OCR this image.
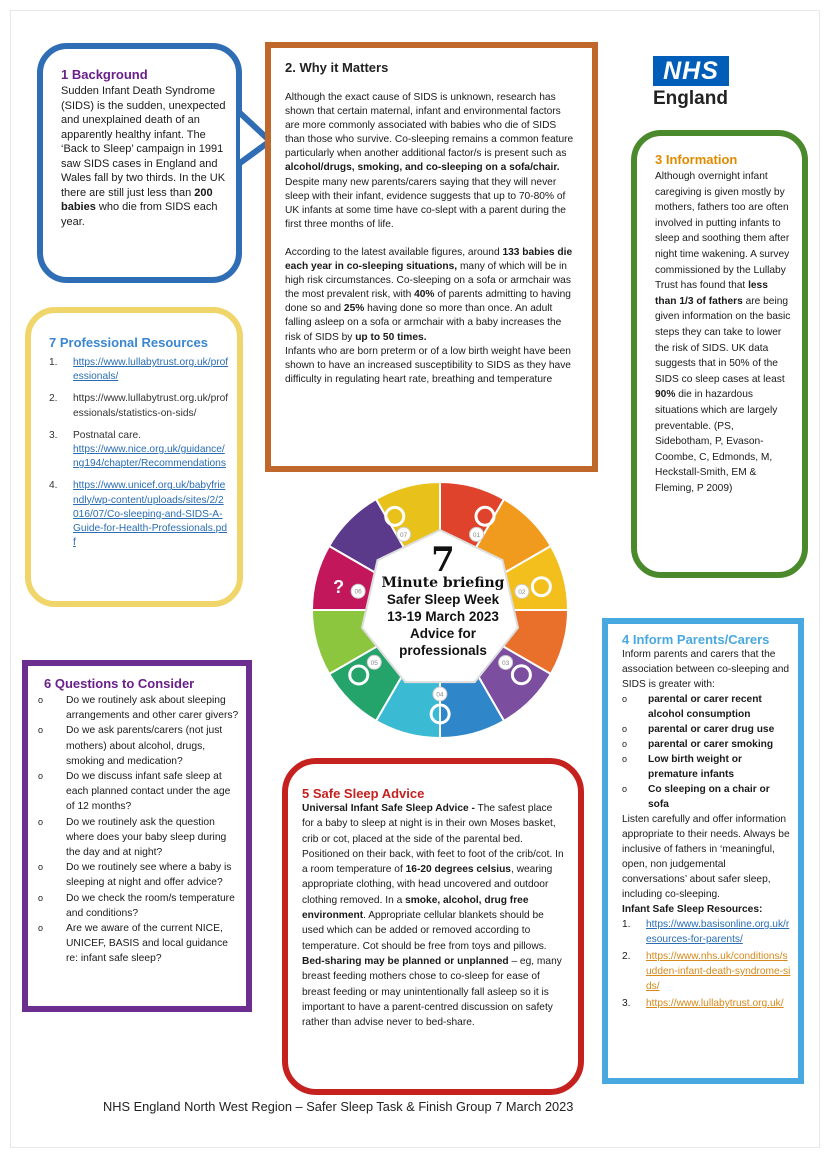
1 Background

Sudden Infant Death Syndrome (SIDS) is the sudden, unexpected and unexplained death of an apparently healthy infant. The ‘Back to Sleep’ campaign in 1991 saw SIDS cases in England and Wales fall by two thirds. In the UK there are still just less than 200 babies who die from SIDS each year.

2. Why it Matters

Although the exact cause of SIDS is unknown, research has shown that certain maternal, infant and environmental factors are more commonly associated with babies who die of SIDS than those who survive. Co-sleeping remains a common feature particularly when another additional factor/s is present such as alcohol/drugs, smoking, and co-sleeping on a sofa/chair. Despite many new parents/carers saying that they will never sleep with their infant, evidence suggests that up to 70-80% of UK infants at some time have co-slept with a parent during the first three months of life.

According to the latest available figures, around 133 babies die each year in co-sleeping situations, many of which will be in high risk circumstances. Co-sleeping on a sofa or armchair was the most prevalent risk, with 40% of parents admitting to having done so and 25% having done so more than once. An adult falling asleep on a sofa or armchair with a baby increases the risk of SIDS by up to 50 times.

Infants who are born preterm or of a low birth weight have been shown to have an increased susceptibility to SIDS as they have difficulty in regulating heart rate, breathing and temperature

NHS
England
3 Information

Although overnight infant caregiving is given mostly by mothers, fathers too are often involved in putting infants to sleep and soothing them after night time wakening. A survey commissioned by the Lullaby Trust has found that less than 1/3 of fathers are being given information on the basic steps they can take to lower the risk of SIDS. UK data suggests that in 50% of the SIDS co sleep cases at least 90% die in hazardous situations which are largely preventable. (PS, Sidebotham, P, Evason-Coombe, C, Edmonds, M, Heckstall-Smith, EM & Fleming, P 2009)

7 Professional Resources
1.	https://www.lullabytrust.org.uk/professionals/
2.	https://www.lullabytrust.org.uk/professionals/statistics-on-sids/
3.	Postnatal care.
https://www.nice.org.uk/guidance/ng194/chapter/Recommendations
4.	https://www.unicef.org.uk/babyfriendly/wp-content/uploads/sites/2/2016/07/Co-sleeping-and-SIDS-A-Guide-for-Health-Professionals.pdf
01
02
03
04
05
06
07
?
7
Minute briefing
Safer Sleep Week
13-19 March 2023
Advice for
professionals
6 Questions to Consider
o	Do we routinely ask about sleeping arrangements and other carer givers?
o	Do we ask parents/carers (not just mothers) about alcohol, drugs, smoking and medication?
o	Do we discuss infant safe sleep at each planned contact under the age of 12 months?
o	Do we routinely ask the question where does your baby sleep during the day and at night?
o	Do we routinely see where a baby is sleeping at night and offer advice?
o	Do we check the room/s temperature and conditions?
o	Are we aware of the current NICE, UNICEF, BASIS and local guidance re: infant safe sleep?
5 Safe Sleep Advice

Universal Infant Safe Sleep Advice - The safest place for a baby to sleep at night is in their own Moses basket, crib or cot, placed at the side of the parental bed. Positioned on their back, with feet to foot of the crib/cot. In a room temperature of 16-20 degrees celsius, wearing appropriate clothing, with head uncovered and outdoor clothing removed. In a smoke, alcohol, drug free environment. Appropriate cellular blankets should be used which can be added or removed according to temperature. Cot should be free from toys and pillows.

Bed-sharing may be planned or unplanned – eg, many breast feeding mothers chose to co-sleep for ease of breast feeding or may unintentionally fall asleep so it is important to have a parent-centred discussion on safety rather than advise never to bed-share.

4 Inform Parents/Carers

Inform parents and carers that the association between co-sleeping and SIDS is greater with:

o	parental or carer recent alcohol consumption
o	parental or carer drug use
o	parental or carer smoking
o	Low birth weight or premature infants
o	Co sleeping on a chair or sofa

Listen carefully and offer information appropriate to their needs. Always be inclusive of fathers in ‘meaningful, open, non judgemental conversations’ about safer sleep, including co-sleeping.

Infant Safe Sleep Resources:

1.	https://www.basisonline.org.uk/resources-for-parents/
2.	https://www.nhs.uk/conditions/sudden-infant-death-syndrome-sids/
3.	https://www.lullabytrust.org.uk/
NHS England North West Region – Safer Sleep Task & Finish Group 7 March 2023
